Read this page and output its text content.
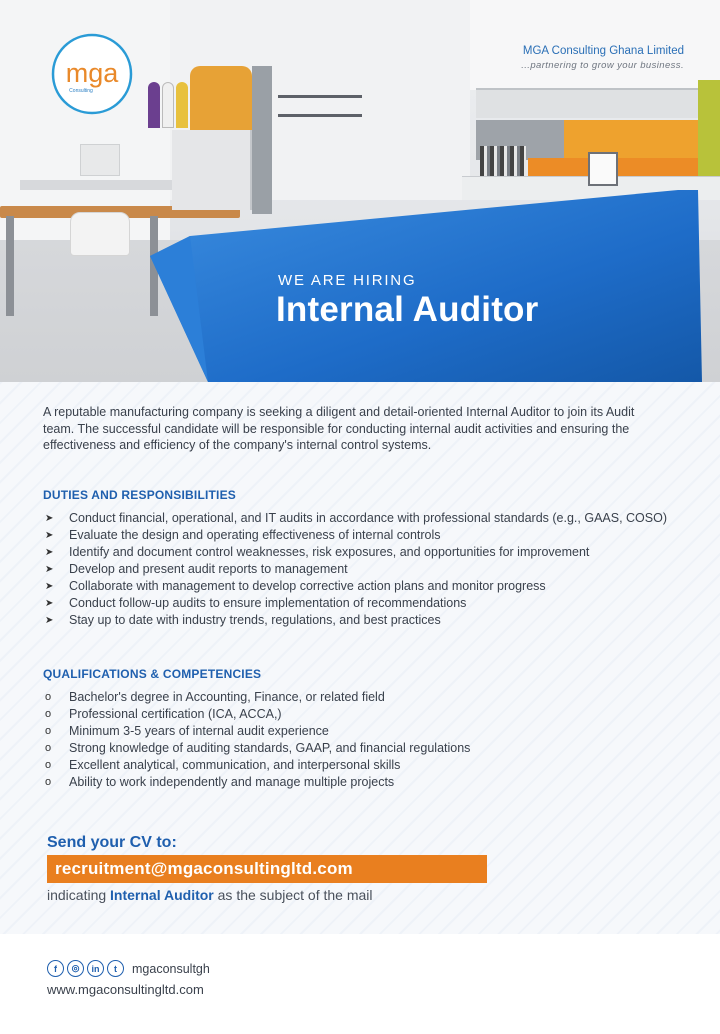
mga
Consulting
MGA Consulting Ghana Limited
...partnering to grow your business.
WE ARE HIRING
Internal Auditor

A reputable manufacturing company is seeking a diligent and detail-oriented Internal Auditor to join its Audit team. The successful candidate will be responsible for conducting internal audit activities and ensuring the effectiveness and efficiency of the company's internal control systems.

DUTIES AND RESPONSIBILITIES
➤ Conduct financial, operational, and IT audits in accordance with professional standards (e.g., GAAS, COSO)
➤ Evaluate the design and operating effectiveness of internal controls
➤ Identify and document control weaknesses, risk exposures, and opportunities for improvement
➤ Develop and present audit reports to management
➤ Collaborate with management to develop corrective action plans and monitor progress
➤ Conduct follow-up audits to ensure implementation of recommendations
➤ Stay up to date with industry trends, regulations, and best practices
QUALIFICATIONS & COMPETENCIES
o Bachelor's degree in Accounting, Finance, or related field
o Professional certification (ICA, ACCA,)
o Minimum 3-5 years of internal audit experience
o Strong knowledge of auditing standards, GAAP, and financial regulations
o Excellent analytical, communication, and interpersonal skills
o Ability to work independently and manage multiple projects
Send your CV to:
recruitment@mgaconsultingltd.com
indicating Internal Auditor as the subject of the mail
f	◎	in	t	mgaconsultgh
www.mgaconsultingltd.com
